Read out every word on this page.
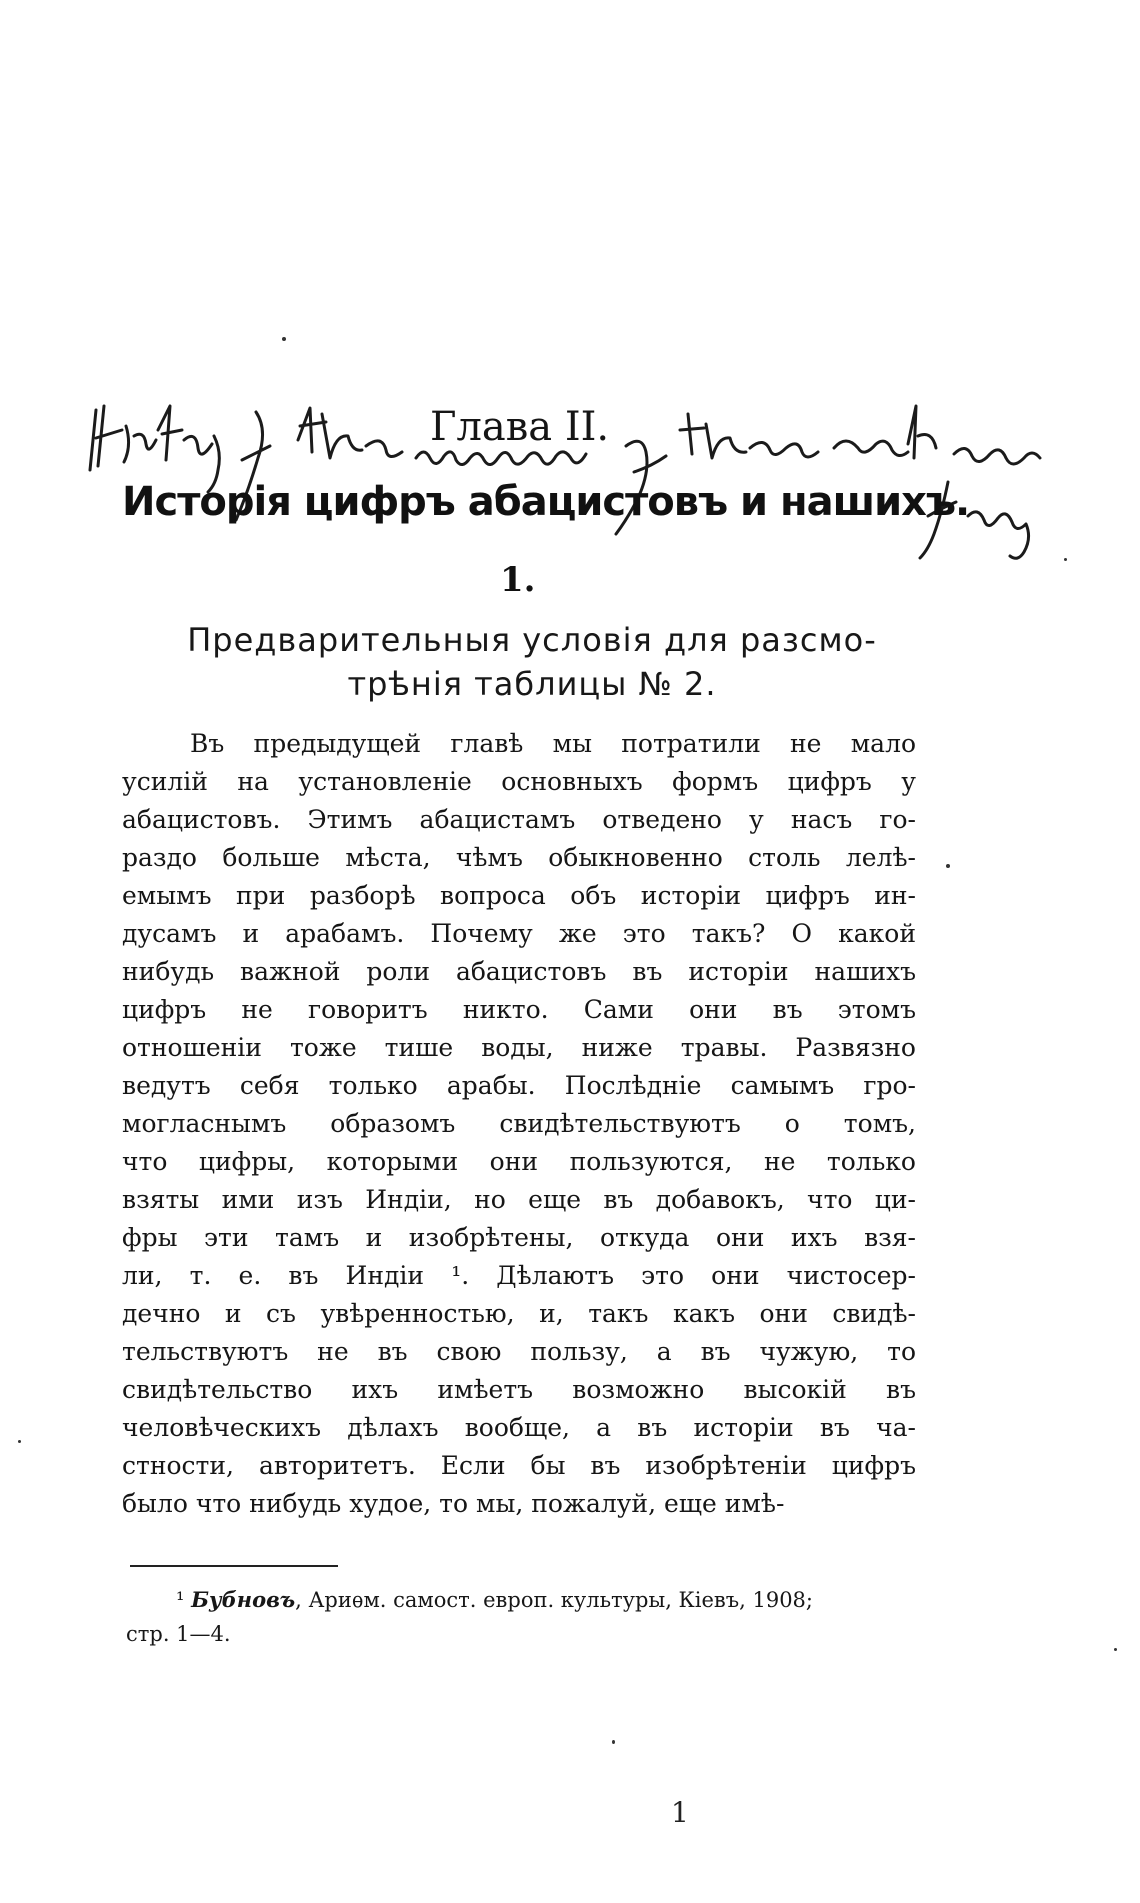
Глава II.
Исторія цифръ абацистовъ и нашихъ.
1.
Предварительныя условія для разсмо-
трѣнія таблицы № 2.
Въ предыдущей главѣ мы потратили не мало
усилій на установленіе основныхъ формъ цифръ у
абацистовъ. Этимъ абацистамъ отведено у насъ го-
раздо больше мѣста, чѣмъ обыкновенно столь лелѣ-
емымъ при разборѣ вопроса объ исторіи цифръ ин-
дусамъ и арабамъ. Почему же это такъ? О какой
нибудь важной роли абацистовъ въ исторіи нашихъ
цифръ не говоритъ никто. Сами они въ этомъ
отношеніи тоже тише воды, ниже травы. Развязно
ведутъ себя только арабы. Послѣдніе самымъ гро-
могласнымъ образомъ свидѣтельствуютъ о томъ,
что цифры, которыми они пользуются, не только
взяты ими изъ Индіи, но еще въ добавокъ, что ци-
фры эти тамъ и изобрѣтены, откуда они ихъ взя-
ли, т. е. въ Индіи ¹. Дѣлаютъ это они чистосер-
дечно и съ увѣренностью, и, такъ какъ они свидѣ-
тельствуютъ не въ свою пользу, а въ чужую, то
свидѣтельство ихъ имѣетъ возможно высокій въ
человѣческихъ дѣлахъ вообще, а въ исторіи въ ча-
стности, авторитетъ. Если бы въ изобрѣтеніи цифръ
было что нибудь худое, то мы, пожалуй, еще имѣ-
¹ Бубновъ, Ариѳм. самост. европ. культуры, Кіевъ, 1908;
стр. 1—4.
1
